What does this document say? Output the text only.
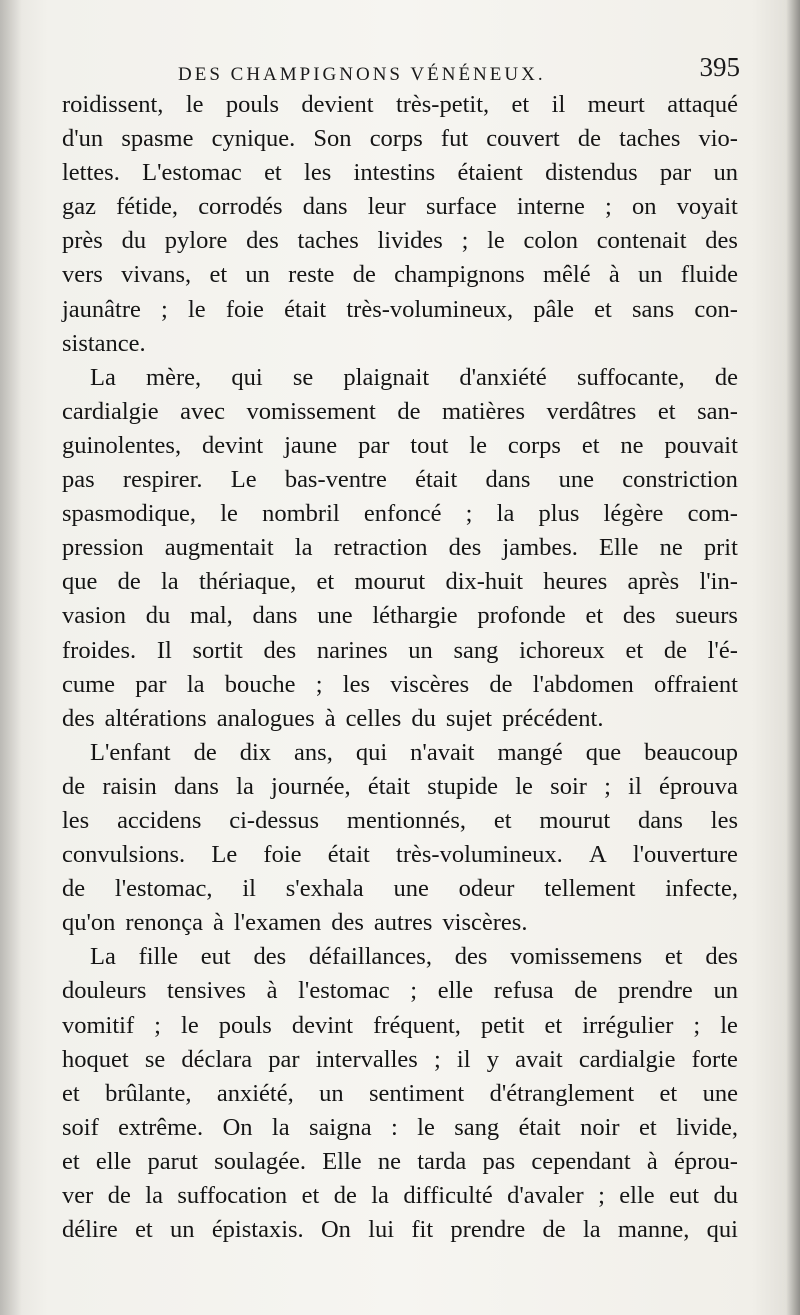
DES CHAMPIGNONS VÉNÉNEUX.	395
roidissent, le pouls devient très-petit, et il meurt attaqué
d'un spasme cynique. Son corps fut couvert de taches vio-
lettes. L'estomac et les intestins étaient distendus par un
gaz fétide, corrodés dans leur surface interne ; on voyait
près du pylore des taches livides ; le colon contenait des
vers vivans, et un reste de champignons mêlé à un fluide
jaunâtre ; le foie était très-volumineux, pâle et sans con-
sistance.
La mère, qui se plaignait d'anxiété suffocante, de
cardialgie avec vomissement de matières verdâtres et san-
guinolentes, devint jaune par tout le corps et ne pouvait
pas respirer. Le bas-ventre était dans une constriction
spasmodique, le nombril enfoncé ; la plus légère com-
pression augmentait la retraction des jambes. Elle ne prit
que de la thériaque, et mourut dix-huit heures après l'in-
vasion du mal, dans une léthargie profonde et des sueurs
froides. Il sortit des narines un sang ichoreux et de l'é-
cume par la bouche ; les viscères de l'abdomen offraient
des altérations analogues à celles du sujet précédent.
L'enfant de dix ans, qui n'avait mangé que beaucoup
de raisin dans la journée, était stupide le soir ; il éprouva
les accidens ci-dessus mentionnés, et mourut dans les
convulsions. Le foie était très-volumineux. A l'ouverture
de l'estomac, il s'exhala une odeur tellement infecte,
qu'on renonça à l'examen des autres viscères.
La fille eut des défaillances, des vomissemens et des
douleurs tensives à l'estomac ; elle refusa de prendre un
vomitif ; le pouls devint fréquent, petit et irrégulier ; le
hoquet se déclara par intervalles ; il y avait cardialgie forte
et brûlante, anxiété, un sentiment d'étranglement et une
soif extrême. On la saigna : le sang était noir et livide,
et elle parut soulagée. Elle ne tarda pas cependant à éprou-
ver de la suffocation et de la difficulté d'avaler ; elle eut du
délire et un épistaxis. On lui fit prendre de la manne, qui
